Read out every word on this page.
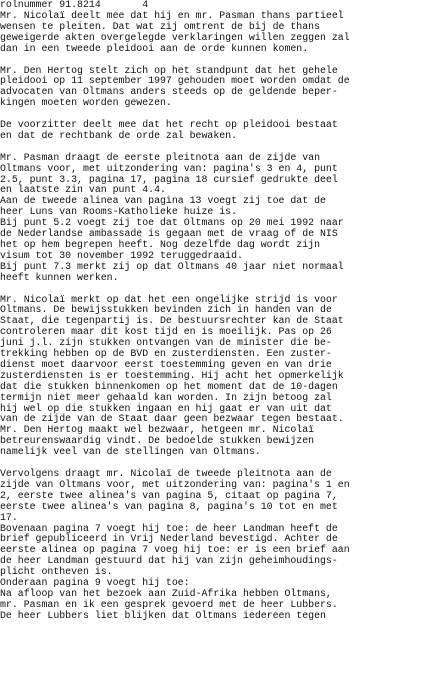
rolnummer 91.8214	4
Mr. Nicolaï deelt mee dat hij en mr. Pasman thans partieel
wensen te pleiten. Dat wat zij omtrent de bij de thans
geweigerde akten overgelegde verklaringen willen zeggen zal
dan in een tweede pleidooi aan de orde kunnen komen.
Mr. Den Hertog stelt zich op het standpunt dat het gehele
pleidooi op 11 september 1997 gehouden moet worden omdat de
advocaten van Oltmans anders steeds op de geldende beper-
kingen moeten worden gewezen.
De voorzitter deelt mee dat het recht op pleidooi bestaat
en dat de rechtbank de orde zal bewaken.
Mr. Pasman draagt de eerste pleitnota aan de zijde van
Oltmans voor, met uitzondering van: pagina's 3 en 4, punt
2.5, punt 3.3, pagina 17, pagina 18 cursief gedrukte deel
en laatste zin van punt 4.4.
Aan de tweede alinea van pagina 13 voegt zij toe dat de
heer Luns van Rooms-Katholieke huize is.
Bij punt 5.2 voegt zij toe dat Oltmans op 20 mei 1992 naar
de Nederlandse ambassade is gegaan met de vraag of de NIS
het op hem begrepen heeft. Nog dezelfde dag wordt zijn
visum tot 30 november 1992 teruggedraaid.
Bij punt 7.3 merkt zij op dat Oltmans 40 jaar niet normaal
heeft kunnen werken.
Mr. Nicolaï merkt op dat het een ongelijke strijd is voor
Oltmans. De bewijsstukken bevinden zich in handen van de
Staat, die tegenpartij is. De bestuursrechter kan de Staat
controleren maar dit kost tijd en is moeilijk. Pas op 26
juni j.l. zijn stukken ontvangen van de minister die be-
trekking hebben op de BVD en zusterdiensten. Een zuster-
dienst moet daarvoor eerst toestemming geven en van drie
zusterdiensten is er toestemming. Hij acht het opmerkelijk
dat die stukken binnenkomen op het moment dat de 10-dagen
termijn niet meer gehaald kan worden. In zijn betoog zal
hij wel op die stukken ingaan en hij gaat er van uit dat
van de zijde van de Staat daar geen bezwaar tegen bestaat.
Mr. Den Hertog maakt wel bezwaar, hetgeen mr. Nicolaï
betreurenswaardig vindt. De bedoelde stukken bewijzen
namelijk veel van de stellingen van Oltmans.
Vervolgens draagt mr. Nicolaï de tweede pleitnota aan de
zijde van Oltmans voor, met uitzondering van: pagina's 1 en
2, eerste twee alinea's van pagina 5, citaat op pagina 7,
eerste twee alinea's van pagina 8, pagina's 10 tot en met
17.
Bovenaan pagina 7 voegt hij toe: de heer Landman heeft de
brief gepubliceerd in Vrij Nederland bevestigd. Achter de
eerste alinea op pagina 7 voeg hij toe: er is een brief aan
de heer Landman gestuurd dat hij van zijn geheimhoudings-
plicht ontheven is.
Onderaan pagina 9 voegt hij toe:
Na afloop van het bezoek aan Zuid-Afrika hebben Oltmans,
mr. Pasman en ik een gesprek gevoerd met de heer Lubbers.
De heer Lubbers liet blijken dat Oltmans iedereen tegen
